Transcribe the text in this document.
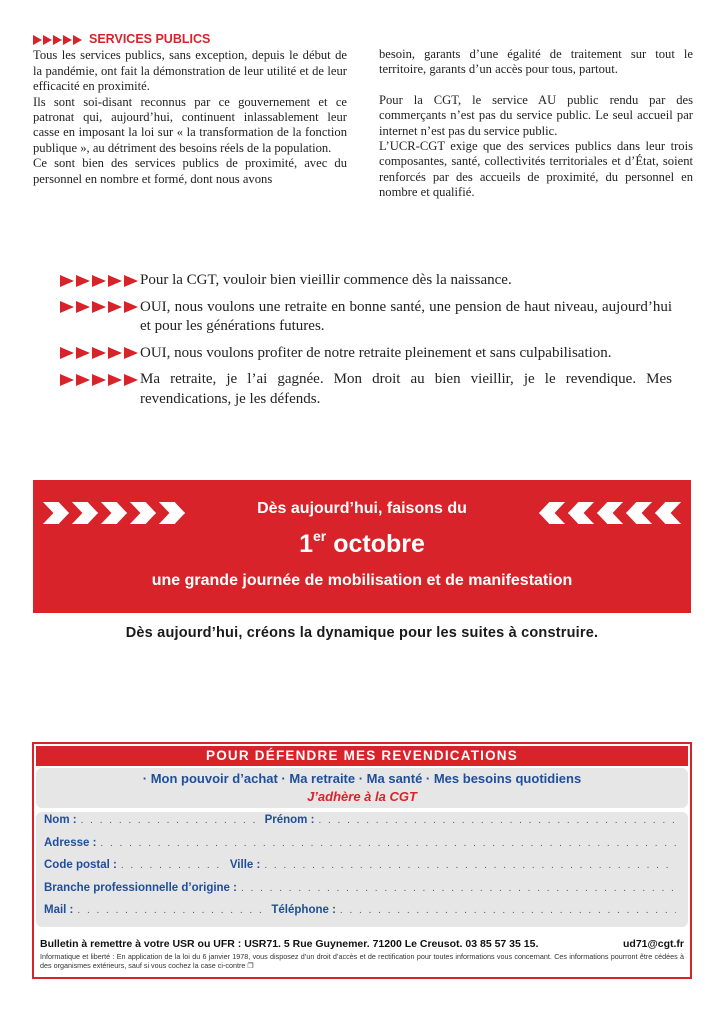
SERVICES PUBLICS

Tous les services publics, sans exception, depuis le début de la pandémie, ont fait la démonstration de leur utilité et de leur efficacité en proximité.

Ils sont soi-disant reconnus par ce gouvernement et ce patronat qui, aujourd’hui, continuent inlassablement leur casse en imposant la loi sur « la transformation de la fonction publique », au détriment des besoins réels de la population.

Ce sont bien des services publics de proximité, avec du personnel en nombre et formé, dont nous avons

besoin, garants d’une égalité de traitement sur tout le territoire, garants d’un accès pour tous, partout.

Pour la CGT, le service AU public rendu par des commerçants n’est pas du service public. Le seul accueil par internet n’est pas du service public.

L’UCR-CGT exige que des services publics dans leur trois composantes, santé, collectivités territoriales et d’État, soient renforcés par des accueils de proximité, du personnel en nombre et qualifié.

Pour la CGT, vouloir bien vieillir commence dès la naissance.
OUI, nous voulons une retraite en bonne santé, une pension de haut niveau, aujourd’hui et pour les générations futures.
OUI, nous voulons profiter de notre retraite pleinement et sans culpabilisation.
Ma retraite, je l’ai gagnée. Mon droit au bien vieillir, je le revendique. Mes revendications, je les défends.
Dès aujourd’hui, faisons du
1er octobre
une grande journée de mobilisation et de manifestation
Dès aujourd’hui, créons la dynamique pour les suites à construire.
POUR DÉFENDRE MES REVENDICATIONS
· Mon pouvoir d’achat · Ma retraite · Ma santé · Mes besoins quotidiens
J’adhère à la CGT
Nom : . . .	Prénom :
. . .
Adresse :
. . .
Code postal : . . .	Ville :
. . .
Branche professionnelle d’origine :
. . .
Mail : . . .	Téléphone :
. . .
Bulletin à remettre à votre USR ou UFR : USR71. 5 Rue Guynemer. 71200 Le Creusot. 03 85 57 35 15.	ud71@cgt.fr
Informatique et liberté : En application de la loi du 6 janvier 1978, vous disposez d’un droit d’accès et de rectification pour toutes informations vous concernant. Ces informations pourront être cédées à des organismes extérieurs, sauf si vous cochez la case ci-contre ❐
